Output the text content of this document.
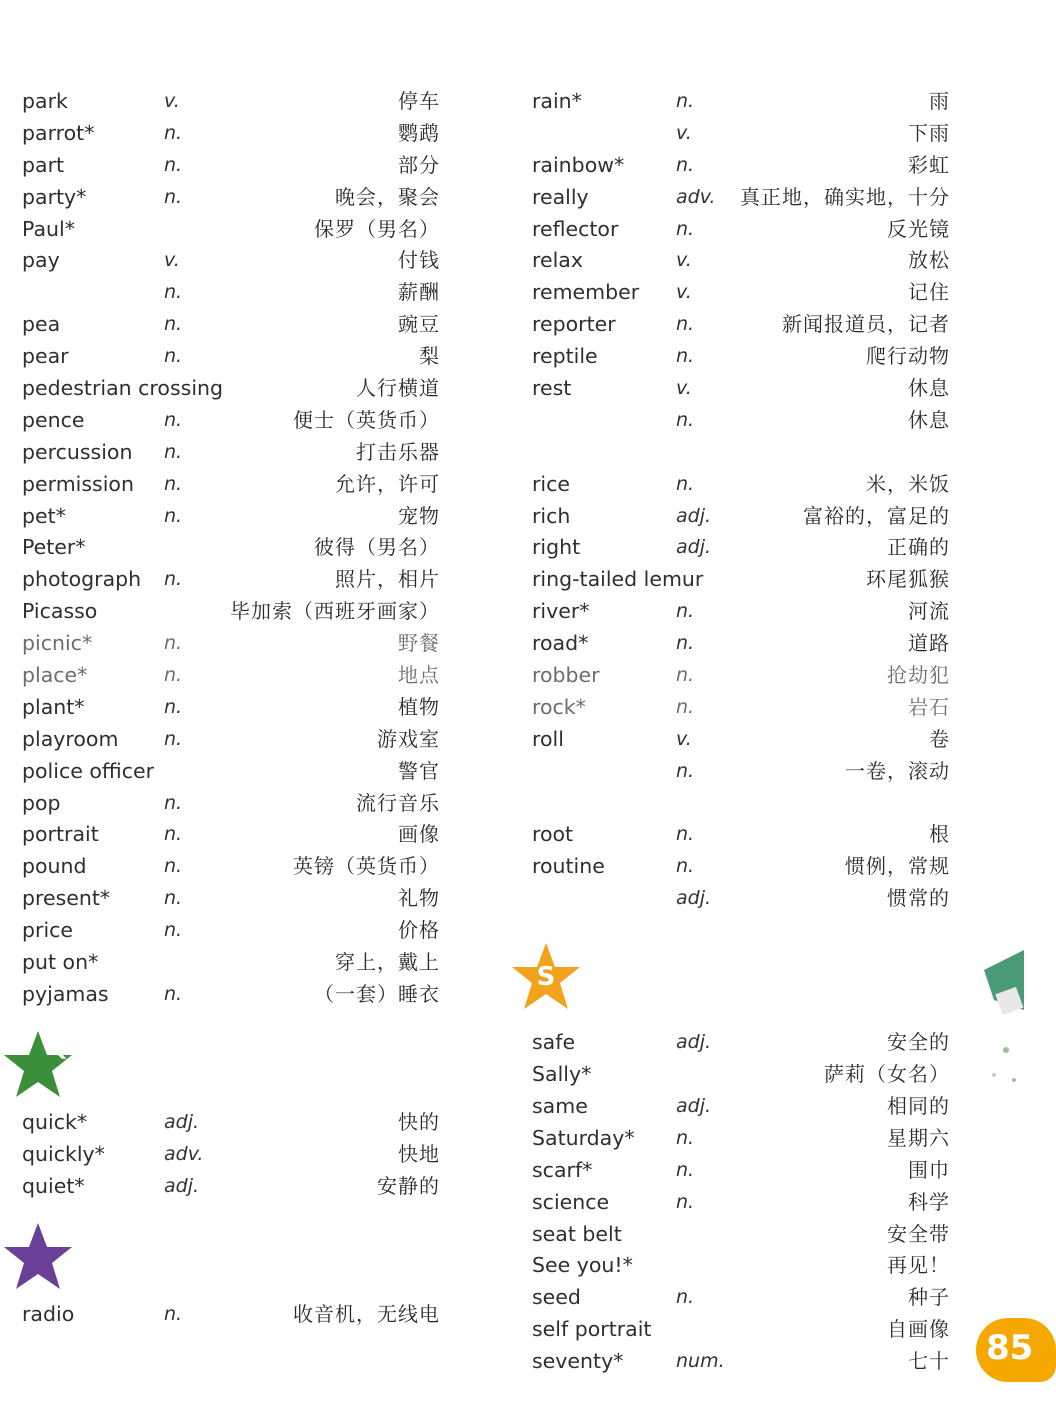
park	v.	停车
parrot*	n.	鹦鹉
part	n.	部分
party*	n.	晚会，聚会
Paul*	保罗（男名）
pay	v.	付钱
n.	薪酬
pea	n.	豌豆
pear	n.	梨
pedestrian crossing	人行横道
pence	n.	便士（英货币）
percussion n.	打击乐器
permission n.	允许，许可
pet*	n.	宠物
Peter*	彼得（男名）
photograph n.	照片，相片
Picasso	毕加索（西班牙画家）
picnic*	n.	野餐
place*	n.	地点
plant*	n.	植物
playroom n.	游戏室
police officer	警官
pop	n.	流行音乐
portrait	n.	画像
pound	n.	英镑（英货币）
present*	n.	礼物
price	n.	价格
put on*	穿上，戴上
pyjamas	n.	（一套）睡衣
Q
quick*	adj.	快的
quickly*	adv.	快地
quiet*	adj.	安静的
R
radio	n.	收音机，无线电
rain*	n.	雨
v.	下雨
rainbow*	n.	彩虹
really	adv. 真正地，确实地，十分
reflector	n.	反光镜
relax	v.	放松
remember v.	记住
reporter	n.	新闻报道员，记者
reptile	n.	爬行动物
rest	v.	休息
n.	休息
rice	n.	米，米饭
rich	adj.	富裕的，富足的
right	adj.	正确的
ring-tailed lemur	环尾狐猴
river*	n.	河流
road*	n.	道路
robber	n.	抢劫犯
rock*	n.	岩石
roll	v.	卷
n.	一卷，滚动
root	n.	根
routine	n.	惯例，常规
adj.	惯常的
S
safe	adj.	安全的
Sally*	萨莉（女名）
same	adj.	相同的
Saturday* n.	星期六
scarf*	n.	围巾
science	n.	科学
seat belt	安全带
See you!*	再见！
seed	n.	种子
self portrait	自画像
seventy*	num.	七十 85
